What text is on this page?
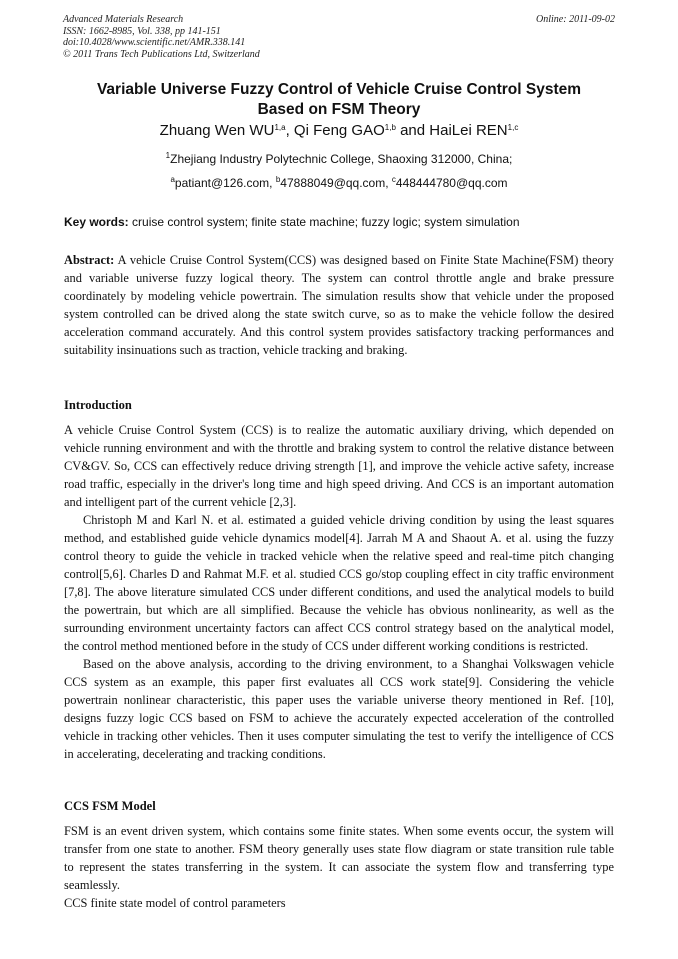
Advanced Materials Research
ISSN: 1662-8985, Vol. 338, pp 141-151
doi:10.4028/www.scientific.net/AMR.338.141
© 2011 Trans Tech Publications Ltd, Switzerland
Online: 2011-09-02
Variable Universe Fuzzy Control of Vehicle Cruise Control System
Based on FSM Theory
Zhuang Wen WU$^{1,a}$, Qi Feng GAO$^{1,b}$ and HaiLei REN$^{1,c}$
$^1$Zhejiang Industry Polytechnic College, Shaoxing 312000, China;
$^a$patiant@126.com, $^b$47888049@qq.com, $^c$448444780@qq.com
Key words: cruise control system; finite state machine; fuzzy logic; system simulation
Abstract: A vehicle Cruise Control System(CCS) was designed based on Finite State Machine(FSM) theory and variable universe fuzzy logical theory. The system can control throttle angle and brake pressure coordinately by modeling vehicle powertrain. The simulation results show that vehicle under the proposed system controlled can be drived along the state switch curve, so as to make the vehicle follow the desired acceleration command accurately. And this control system provides satisfactory tracking performances and suitability insinuations such as traction, vehicle tracking and braking.
Introduction

A vehicle Cruise Control System (CCS) is to realize the automatic auxiliary driving, which depended on vehicle running environment and with the throttle and braking system to control the relative distance between CV&GV. So, CCS can effectively reduce driving strength [1], and improve the vehicle active safety, increase road traffic, especially in the driver's long time and high speed driving. And CCS is an important automation and intelligent part of the current vehicle [2,3].

Christoph M and Karl N. et al. estimated a guided vehicle driving condition by using the least squares method, and established guide vehicle dynamics model[4]. Jarrah M A and Shaout A. et al. using the fuzzy control theory to guide the vehicle in tracked vehicle when the relative speed and real-time pitch changing control[5,6]. Charles D and Rahmat M.F. et al. studied CCS go/stop coupling effect in city traffic environment [7,8]. The above literature simulated CCS under different conditions, and used the analytical models to build the powertrain, but which are all simplified. Because the vehicle has obvious nonlinearity, as well as the surrounding environment uncertainty factors can affect CCS control strategy based on the analytical model, the control method mentioned before in the study of CCS under different working conditions is restricted.

Based on the above analysis, according to the driving environment, to a Shanghai Volkswagen vehicle CCS system as an example, this paper first evaluates all CCS work state[9]. Considering the vehicle powertrain nonlinear characteristic, this paper uses the variable universe theory mentioned in Ref. [10], designs fuzzy logic CCS based on FSM to achieve the accurately expected acceleration of the controlled vehicle in tracking other vehicles. Then it uses computer simulating the test to verify the intelligence of CCS in accelerating, decelerating and tracking conditions.

CCS FSM Model

FSM is an event driven system, which contains some finite states. When some events occur, the system will transfer from one state to another. FSM theory generally uses state flow diagram or state transition rule table to represent the states transferring in the system. It can associate the system flow and transferring type seamlessly.

CCS finite state model of control parameters
